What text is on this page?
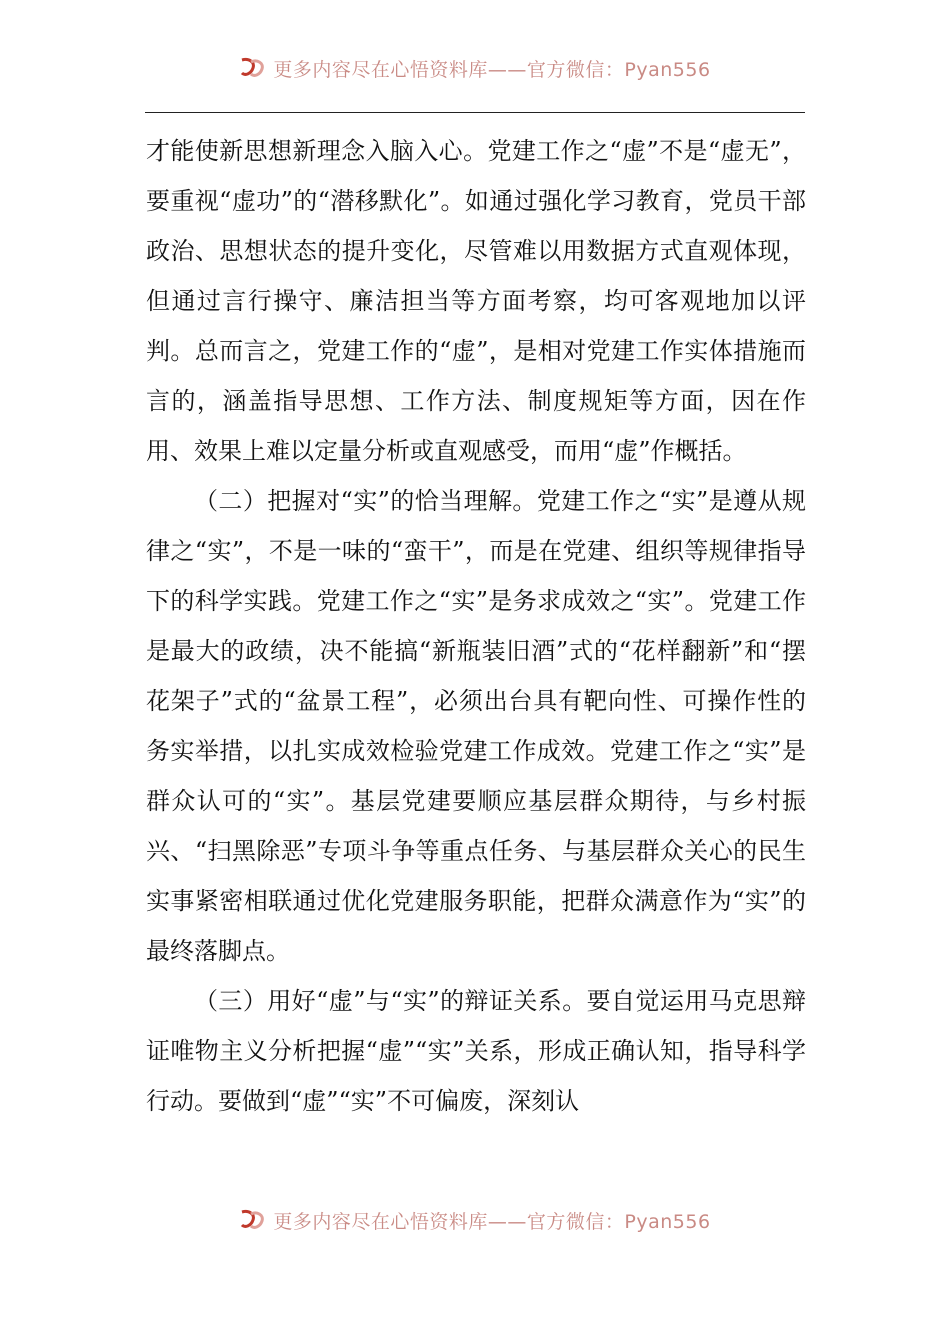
更多内容尽在心悟资料库——官方微信：Pyan556

才能使新思想新理念入脑入心。党建工作之“虚”不是“虚无”，要重视“虚功”的“潜移默化”。如通过强化学习教育，党员干部政治、思想状态的提升变化，尽管难以用数据方式直观体现，但通过言行操守、廉洁担当等方面考察，均可客观地加以评判。总而言之，党建工作的“虚”，是相对党建工作实体措施而言的，涵盖指导思想、工作方法、制度规矩等方面，因在作用、效果上难以定量分析或直观感受，而用“虚”作概括。

（二）把握对“实”的恰当理解。党建工作之“实”是遵从规律之“实”，不是一味的“蛮干”，而是在党建、组织等规律指导下的科学实践。党建工作之“实”是务求成效之“实”。党建工作是最大的政绩，决不能搞“新瓶装旧酒”式的“花样翻新”和“摆花架子”式的“盆景工程”，必须出台具有靶向性、可操作性的务实举措，以扎实成效检验党建工作成效。党建工作之“实”是群众认可的“实”。基层党建要顺应基层群众期待，与乡村振兴、“扫黑除恶”专项斗争等重点任务、与基层群众关心的民生实事紧密相联通过优化党建服务职能，把群众满意作为“实”的最终落脚点。

（三）用好“虚”与“实”的辩证关系。要自觉运用马克思辩证唯物主义分析把握“虚”“实”关系，形成正确认知，指导科学行动。要做到“虚”“实”不可偏废，深刻认

更多内容尽在心悟资料库——官方微信：Pyan556
